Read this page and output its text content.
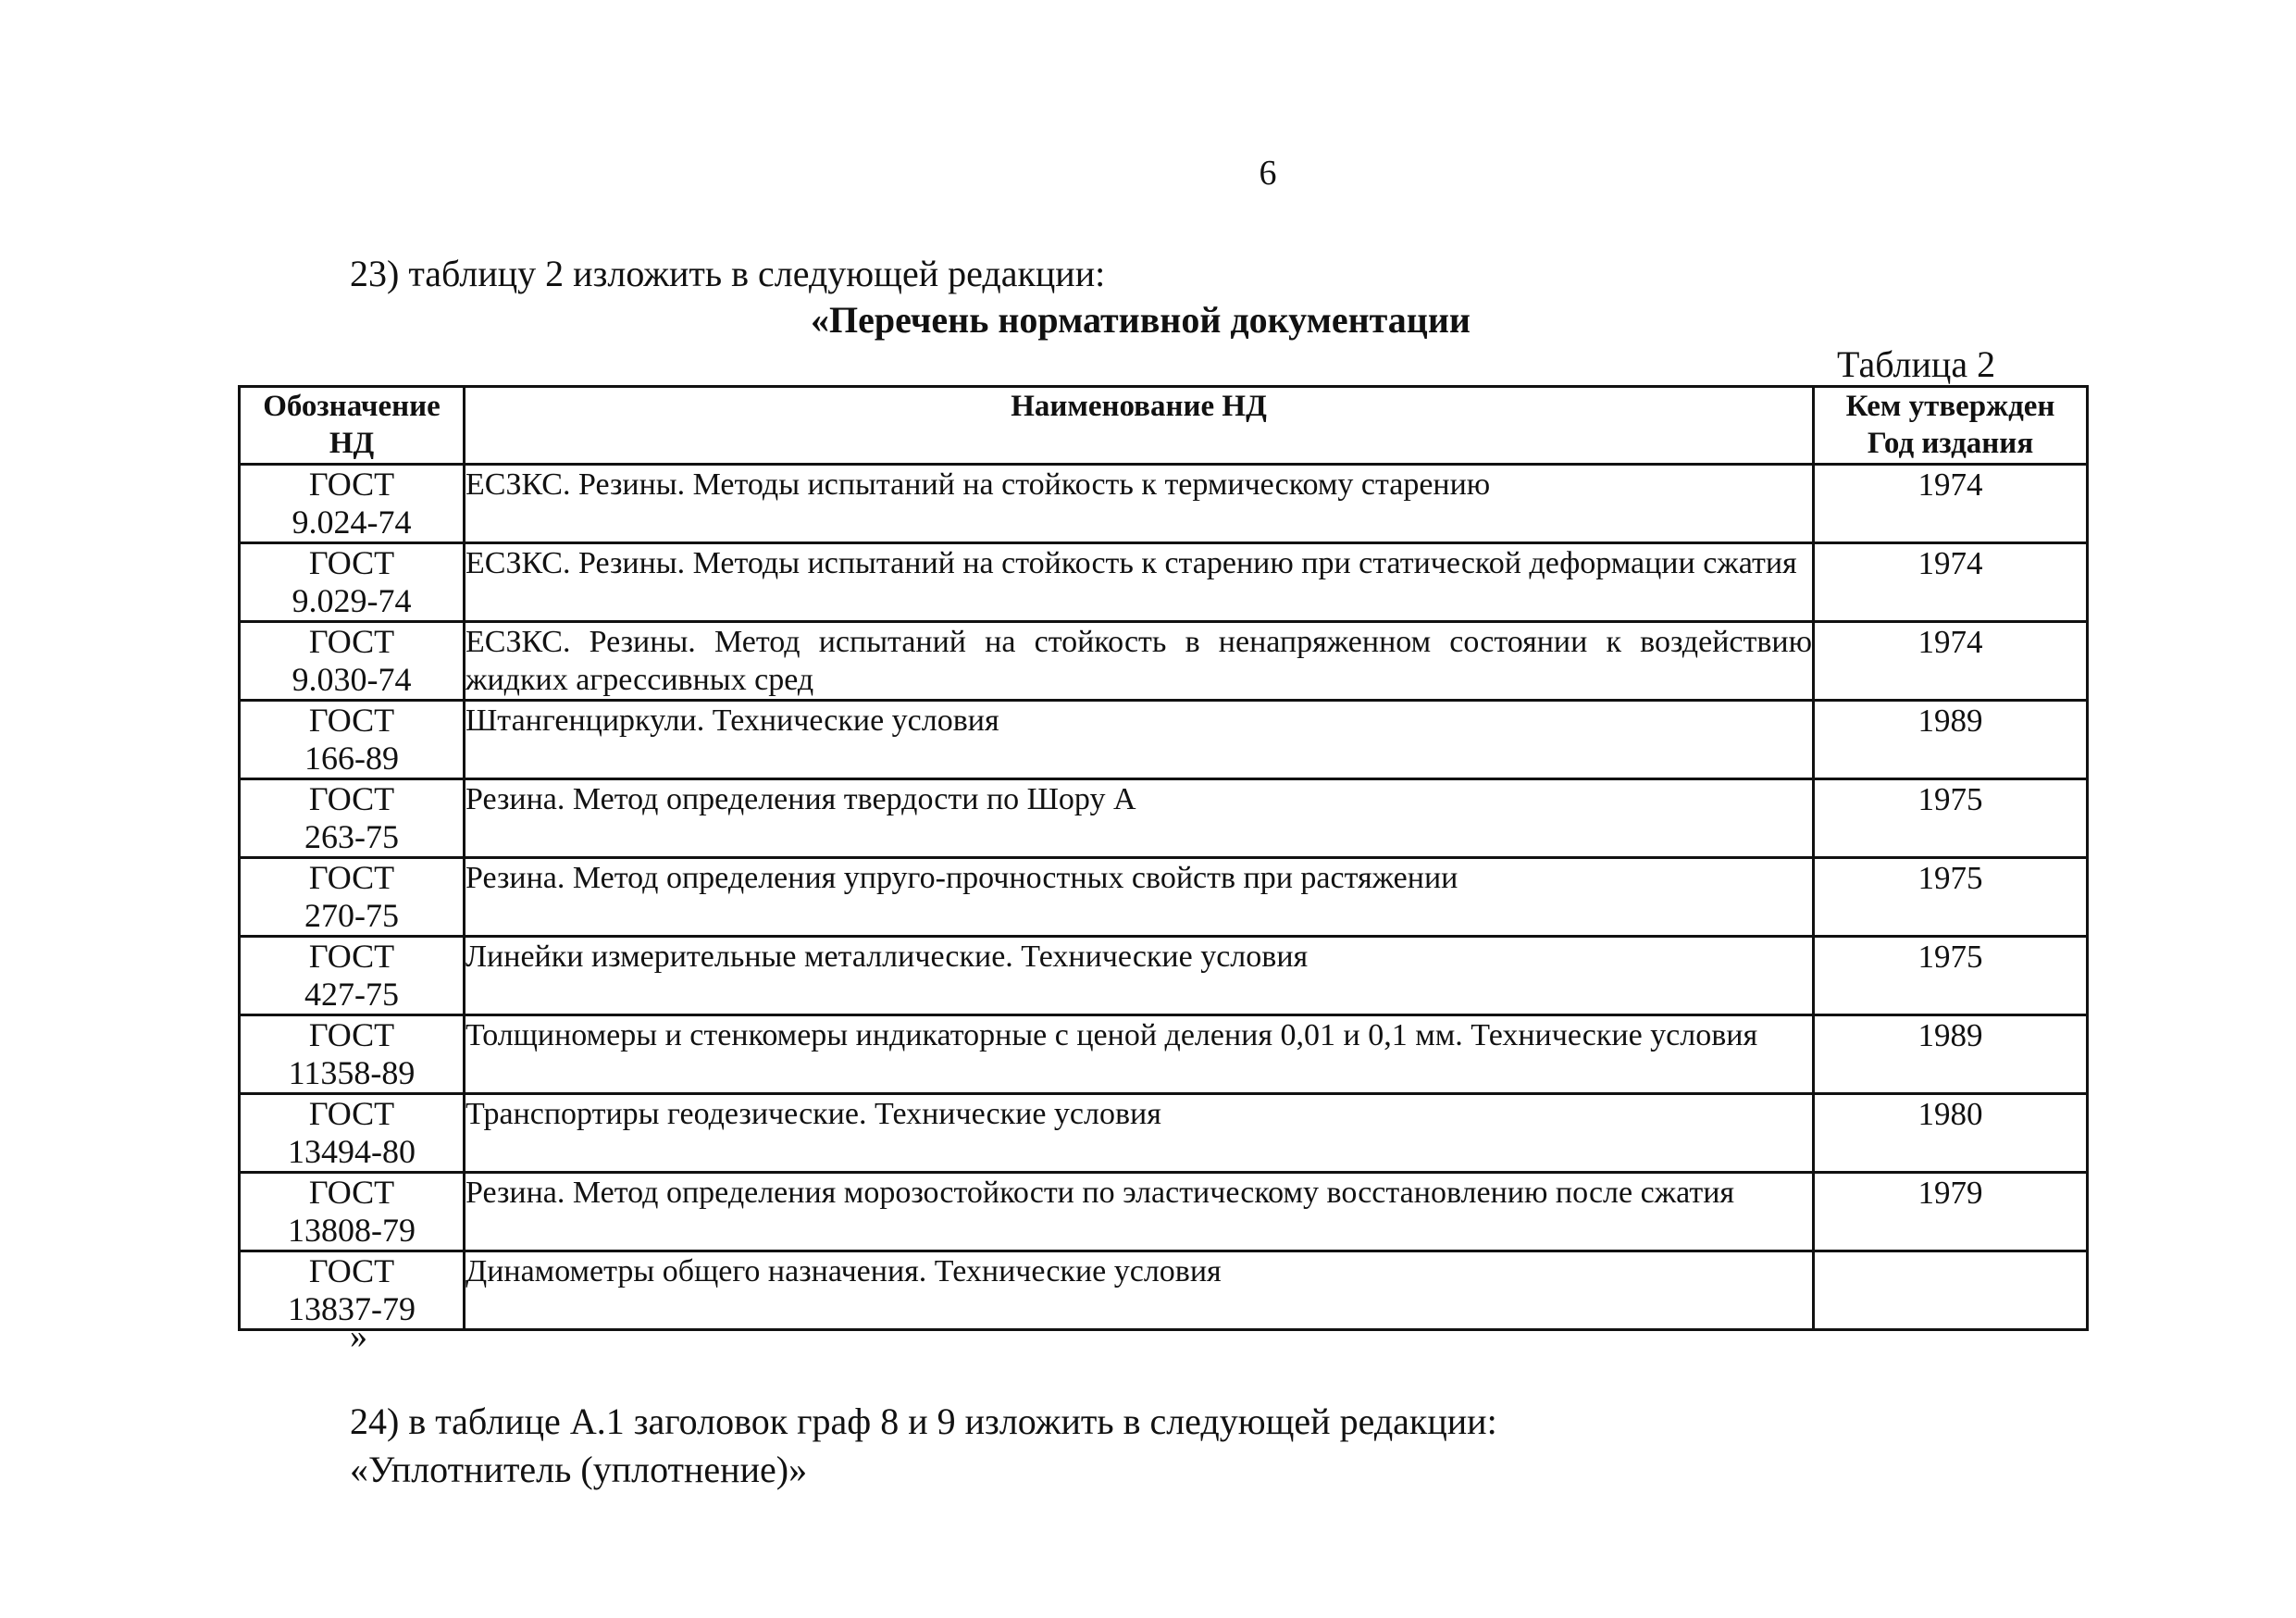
6
23) таблицу 2 изложить в следующей редакции:
«Перечень нормативной документации
Таблица 2
Обозначение НД	Наименование НД	Кем утвержден
Год издания

ГОСТ
9.024-74	ЕСЗКС. Резины. Методы испытаний на стойкость к термическому старению	1974

ГОСТ
9.029-74	ЕСЗКС. Резины. Методы испытаний на стойкость к старению при статической деформации сжатия	1974

ГОСТ
9.030-74	ЕСЗКС. Резины. Метод испытаний на стойкость в ненапряженном состоянии к воздействию жидких агрессивных сред	1974

ГОСТ
166-89	Штангенциркули. Технические условия	1989

ГОСТ
263-75	Резина. Метод определения твердости по Шору А	1975

ГОСТ
270-75	Резина. Метод определения упруго-прочностных свойств при растяжении	1975

ГОСТ
427-75	Линейки измерительные металлические. Технические условия	1975

ГОСТ
11358-89	Толщиномеры и стенкомеры индикаторные с ценой деления 0,01 и 0,1 мм. Технические условия	1989

ГОСТ
13494-80	Транспортиры геодезические. Технические условия	1980

ГОСТ
13808-79	Резина. Метод определения морозостойкости по эластическому восстановлению после сжатия	1979

ГОСТ
13837-79	Динамометры общего назначения. Технические условия	
»
24) в таблице А.1 заголовок граф 8 и 9 изложить в следующей редакции:
«Уплотнитель (уплотнение)»
